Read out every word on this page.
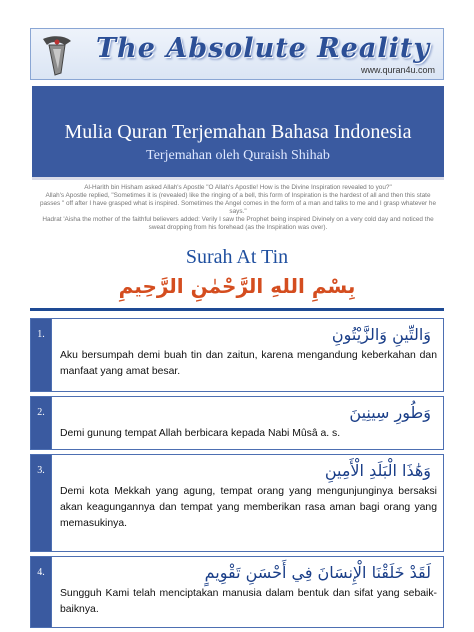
The Absolute Reality
www.quran4u.com
Mulia Quran Terjemahan Bahasa Indonesia
Terjemahan oleh Quraish Shihab

Al-Harith bin Hisham asked Allah's Apostle "O Allah's Apostle! How is the Divine Inspiration revealed to you?"

Allah's Apostle replied, "Sometimes it is (revealed) like the ringing of a bell, this form of Inspiration is the hardest of all and then this state passes " off after I have grasped what is inspired. Sometimes the Angel comes in the form of a man and talks to me and I grasp whatever he says."

Hadrat 'Aisha the mother of the faithful believers added: Verily I saw the Prophet being inspired Divinely on a very cold day and noticed the sweat dropping from his forehead (as the Inspiration was over).

Surah At Tin
بِسْمِ اللهِ الرَّحْمٰنِ الرَّحِيمِ
1.	وَالتِّينِ وَالزَّيْتُونِ
Aku bersumpah demi buah tin dan zaitun, karena mengandung keberkahan dan manfaat yang amat besar.
2.	وَطُورِ سِينِينَ
Demi gunung tempat Allah berbicara kepada Nabi Mûsâ a. s.
3.	وَهَٰذَا الْبَلَدِ الْأَمِينِ
Demi kota Mekkah yang agung, tempat orang yang mengunjunginya bersaksi akan keagungannya dan tempat yang memberikan rasa aman bagi orang yang memasukinya.
4.	لَقَدْ خَلَقْنَا الْإِنسَانَ فِي أَحْسَنِ تَقْوِيمٍ
Sungguh Kami telah menciptakan manusia dalam bentuk dan sifat yang sebaik-baiknya.
